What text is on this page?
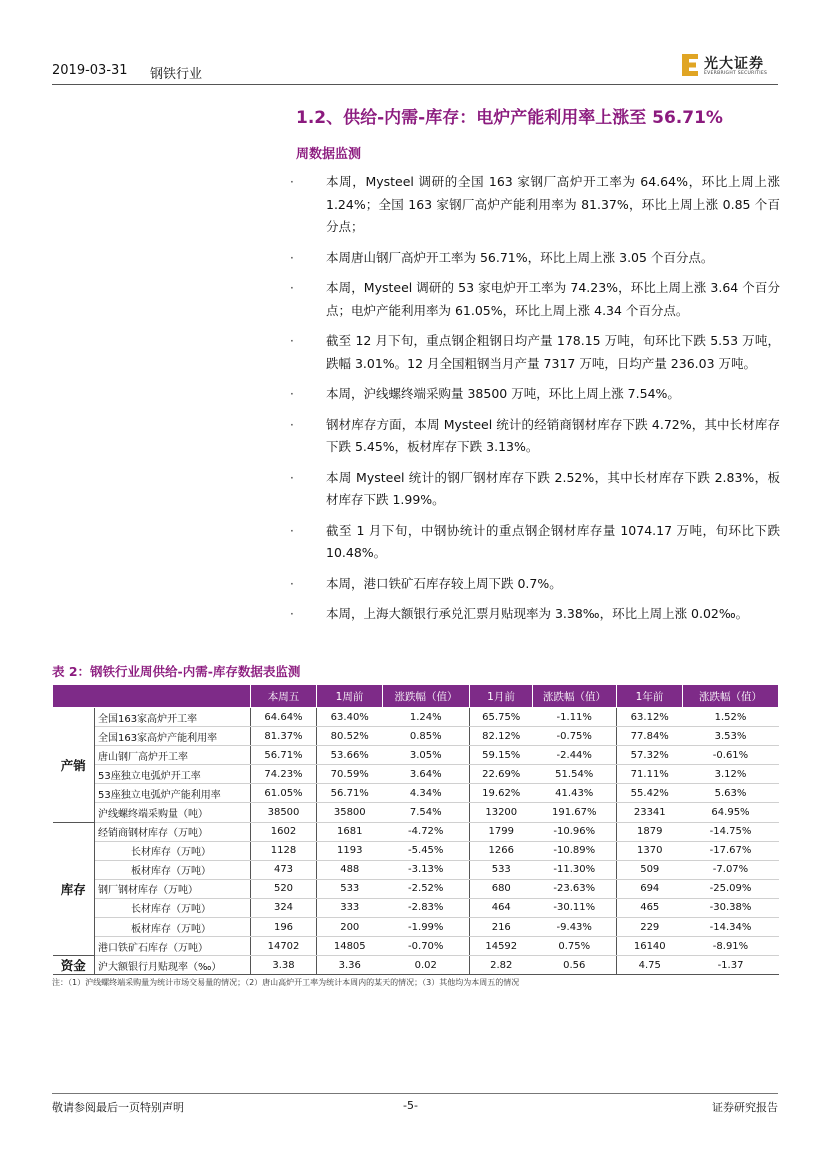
2019-03-31 钢铁行业
光大证券
EVERBRIGHT SECURITIES
1.2、供给-内需-库存：电炉产能利用率上涨至 56.71%
周数据监测
·	本周，Mysteel 调研的全国 163 家钢厂高炉开工率为 64.64%，环比上周上涨 1.24%；全国 163 家钢厂高炉产能利用率为 81.37%，环比上周上涨 0.85 个百分点；
·	本周唐山钢厂高炉开工率为 56.71%，环比上周上涨 3.05 个百分点。
·	本周，Mysteel 调研的 53 家电炉开工率为 74.23%，环比上周上涨 3.64 个百分点；电炉产能利用率为 61.05%，环比上周上涨 4.34 个百分点。
·	截至 12 月下旬，重点钢企粗钢日均产量 178.15 万吨，旬环比下跌 5.53 万吨，跌幅 3.01%。12 月全国粗钢当月产量 7317 万吨，日均产量 236.03 万吨。
·	本周，沪线螺终端采购量 38500 万吨，环比上周上涨 7.54%。
·	钢材库存方面，本周 Mysteel 统计的经销商钢材库存下跌 4.72%，其中长材库存下跌 5.45%，板材库存下跌 3.13%。
·	本周 Mysteel 统计的钢厂钢材库存下跌 2.52%，其中长材库存下跌 2.83%，板材库存下跌 1.99%。
·	截至 1 月下旬，中钢协统计的重点钢企钢材库存量 1074.17 万吨，旬环比下跌 10.48%。
·	本周，港口铁矿石库存较上周下跌 0.7%。
·	本周，上海大额银行承兑汇票月贴现率为 3.38‰，环比上周上涨 0.02‰。
表 2：钢铁行业周供给-内需-库存数据表监测
		本周五	1周前	涨跌幅（值）	1月前	涨跌幅（值）	1年前	涨跌幅（值）
产销	全国163家高炉开工率	64.64%	63.40%	1.24%	65.75%	-1.11%	63.12%	1.52%
	全国163家高炉产能利用率	81.37%	80.52%	0.85%	82.12%	-0.75%	77.84%	3.53%
	唐山钢厂高炉开工率	56.71%	53.66%	3.05%	59.15%	-2.44%	57.32%	-0.61%
	53座独立电弧炉开工率	74.23%	70.59%	3.64%	22.69%	51.54%	71.11%	3.12%
	53座独立电弧炉产能利用率	61.05%	56.71%	4.34%	19.62%	41.43%	55.42%	5.63%
	沪线螺终端采购量（吨）	38500	35800	7.54%	13200	191.67%	23341	64.95%
库存	经销商钢材库存（万吨）	1602	1681	-4.72%	1799	-10.96%	1879	-14.75%
	长材库存（万吨）	1128	1193	-5.45%	1266	-10.89%	1370	-17.67%
	板材库存（万吨）	473	488	-3.13%	533	-11.30%	509	-7.07%
	钢厂钢材库存（万吨）	520	533	-2.52%	680	-23.63%	694	-25.09%
	长材库存（万吨）	324	333	-2.83%	464	-30.11%	465	-30.38%
	板材库存（万吨）	196	200	-1.99%	216	-9.43%	229	-14.34%
	港口铁矿石库存（万吨）	14702	14805	-0.70%	14592	0.75%	16140	-8.91%
资金	沪大额银行月贴现率（‰）	3.38	3.36	0.02	2.82	0.56	4.75	-1.37
注：（1）沪线螺终端采购量为统计市场交易量的情况；（2）唐山高炉开工率为统计本周内的某天的情况；（3）其他均为本周五的情况
敬请参阅最后一页特别声明	-5-	证券研究报告
